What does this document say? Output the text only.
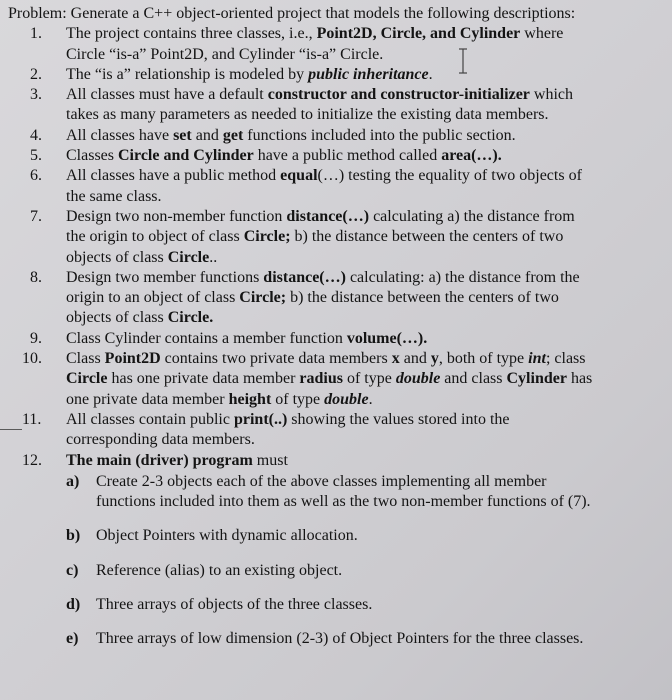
Problem: Generate a C++ object-oriented project that models the following descriptions:

1. The project contains three classes, i.e., Point2D, Circle, and Cylinder where
Circle “is-a” Point2D, and Cylinder “is-a” Circle.

2. The “is a” relationship is modeled by public inheritance.

3. All classes must have a default constructor and constructor-initializer which
takes as many parameters as needed to initialize the existing data members.

4. All classes have set and get functions included into the public section.

5. Classes Circle and Cylinder have a public method called area(…).

6. All classes have a public method equal(…) testing the equality of two objects of
the same class.

7. Design two non-member function distance(…) calculating a) the distance from
the origin to object of class Circle; b) the distance between the centers of two
objects of class Circle..

8. Design two member functions distance(…) calculating: a) the distance from the
origin to an object of class Circle; b) the distance between the centers of two
objects of class Circle.

9. Class Cylinder contains a member function volume(…).

10. Class Point2D contains two private data members x and y, both of type int; class
Circle has one private data member radius of type double and class Cylinder has
one private data member height of type double.

11. All classes contain public print(..) showing the values stored into the
corresponding data members.

12. The main (driver) program must

a) Create 2-3 objects each of the above classes implementing all member
functions included into them as well as the two non-member functions of (7).

b) Object Pointers with dynamic allocation.

c) Reference (alias) to an existing object.

d) Three arrays of objects of the three classes.

e) Three arrays of low dimension (2-3) of Object Pointers for the three classes.
